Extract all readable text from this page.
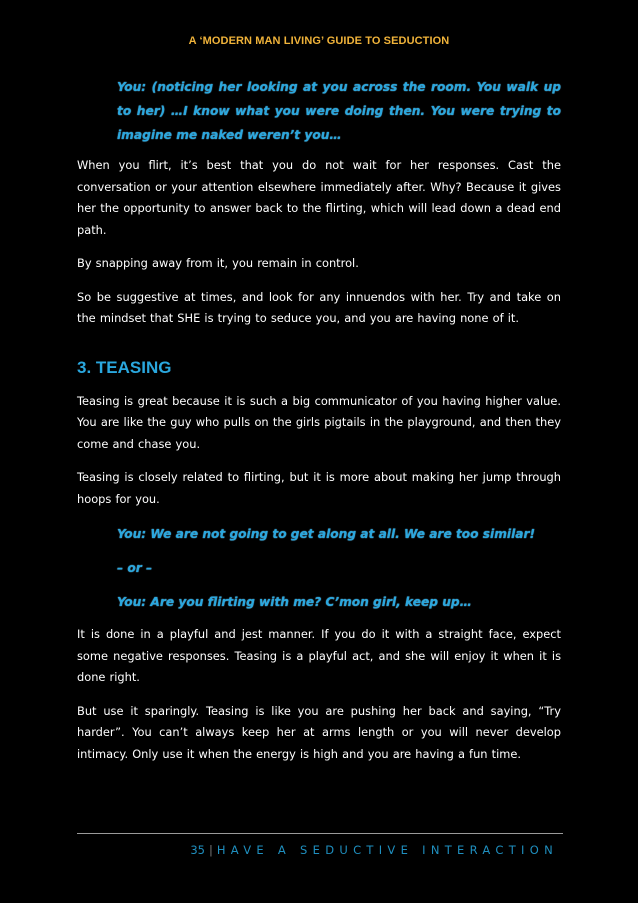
A ‘MODERN MAN LIVING’ GUIDE TO SEDUCTION

You: (noticing her looking at you across the room. You walk up to her) …I know what you were doing then. You were trying to imagine me naked weren’t you…

When you flirt, it’s best that you do not wait for her responses. Cast the conversation or your attention elsewhere immediately after. Why? Because it gives her the opportunity to answer back to the flirting, which will lead down a dead end path.

By snapping away from it, you remain in control.

So be suggestive at times, and look for any innuendos with her. Try and take on the mindset that SHE is trying to seduce you, and you are having none of it.

3. TEASING

Teasing is great because it is such a big communicator of you having higher value. You are like the guy who pulls on the girls pigtails in the playground, and then they come and chase you.

Teasing is closely related to flirting, but it is more about making her jump through hoops for you.

You: We are not going to get along at all. We are too similar!

– or –

You: Are you flirting with me? C’mon girl, keep up…

It is done in a playful and jest manner. If you do it with a straight face, expect some negative responses. Teasing is a playful act, and she will enjoy it when it is done right.

But use it sparingly. Teasing is like you are pushing her back and saying, “Try harder”. You can’t always keep her at arms length or you will never develop intimacy. Only use it when the energy is high and you are having a fun time.

35 | HAVE A SEDUCTIVE INTERACTION
